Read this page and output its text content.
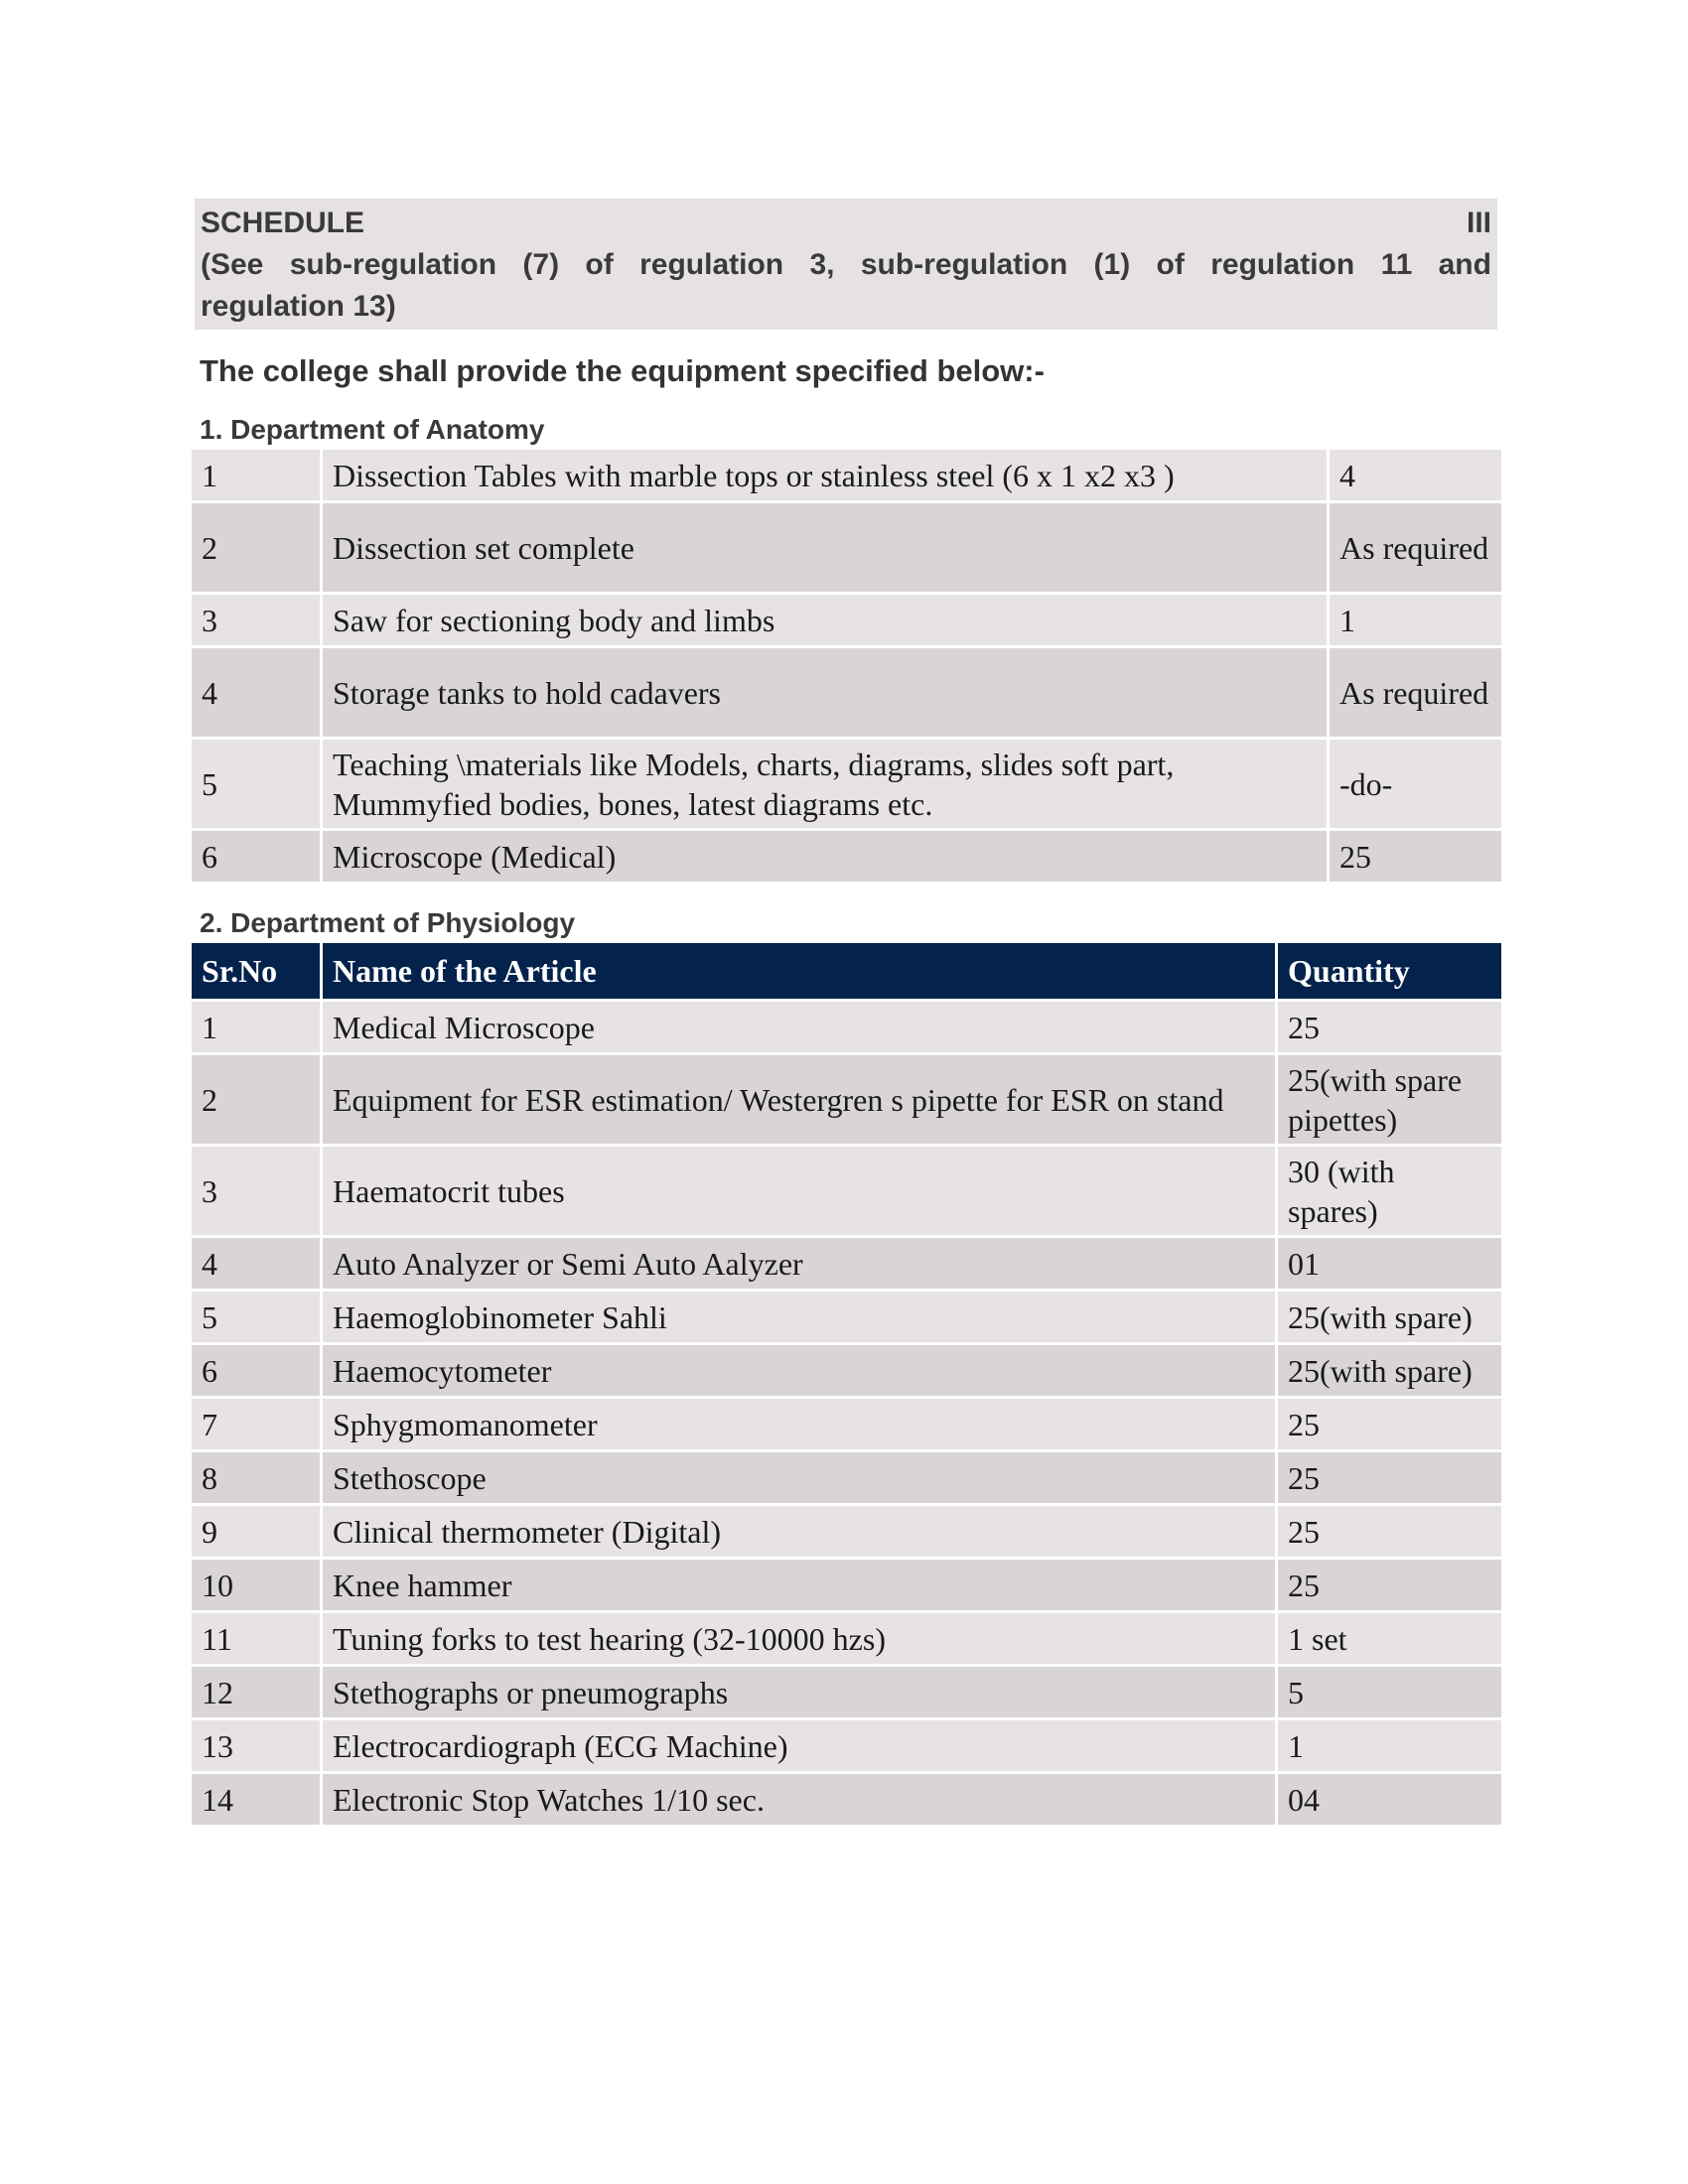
SCHEDULE	III
(See sub-regulation (7) of regulation 3, sub-regulation (1) of regulation 11 and
regulation 13)
The college shall provide the equipment specified below:-
1. Department of Anatomy
1	Dissection Tables with marble tops or stainless steel (6 x 1 x2 x3 )	4
2	Dissection set complete	As required
3	Saw for sectioning body and limbs	1
4	Storage tanks to hold cadavers	As required
5	Teaching \materials like Models, charts, diagrams, slides soft part, Mummyfied bodies, bones, latest diagrams etc.	-do-
6	Microscope (Medical)	25
2. Department of Physiology
Sr.No	Name of the Article	Quantity
1	Medical Microscope	25
2	Equipment for ESR estimation/ Westergren s pipette for ESR on stand	25(with spare pipettes)
3	Haematocrit tubes	30 (with spares)
4	Auto Analyzer or Semi Auto Aalyzer	01
5	Haemoglobinometer Sahli	25(with spare)
6	Haemocytometer	25(with spare)
7	Sphygmomanometer	25
8	Stethoscope	25
9	Clinical thermometer (Digital)	25
10	Knee hammer	25
11	Tuning forks to test hearing (32-10000 hzs)	1 set
12	Stethographs or pneumographs	5
13	Electrocardiograph (ECG Machine)	1
14	Electronic Stop Watches 1/10 sec.	04
